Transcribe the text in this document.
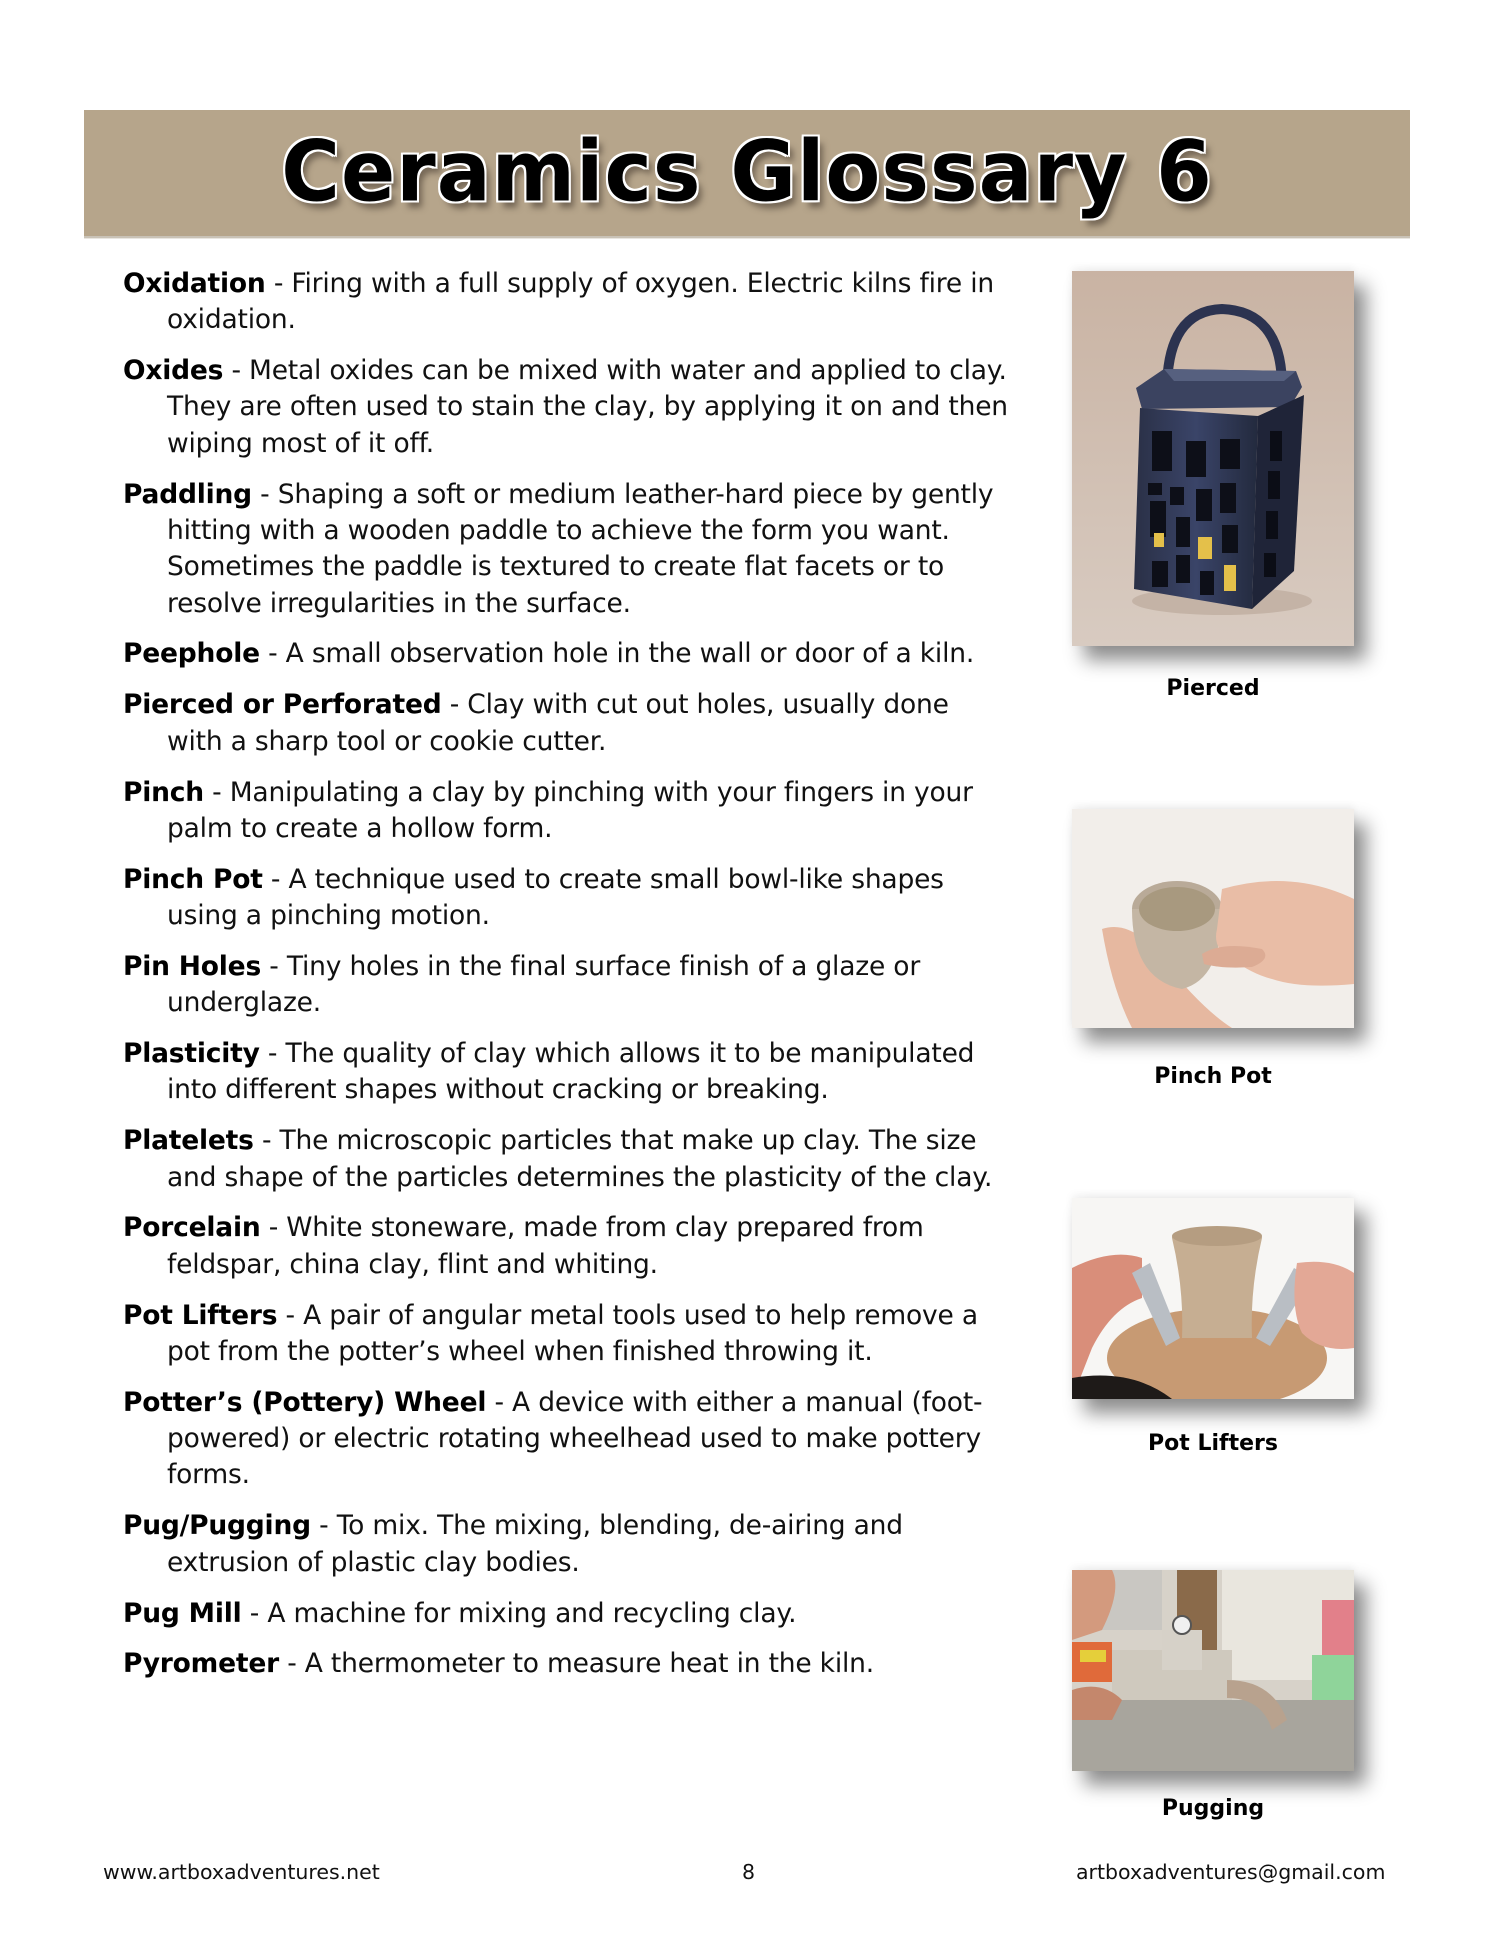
Ceramics Glossary 6

Oxidation - Firing with a full supply of oxygen. Electric kilns fire in oxidation.

Oxides - Metal oxides can be mixed with water and applied to clay. They are often used to stain the clay, by applying it on and then wiping most of it off.

Paddling - Shaping a soft or medium leather-hard piece by gently hitting with a wooden paddle to achieve the form you want. Sometimes the paddle is textured to create flat facets or to resolve irregularities in the surface.

Peephole - A small observation hole in the wall or door of a kiln.

Pierced or Perforated - Clay with cut out holes, usually done with a sharp tool or cookie cutter.

Pinch - Manipulating a clay by pinching with your fingers in your palm to create a hollow form.

Pinch Pot - A technique used to create small bowl-like shapes using a pinching motion.

Pin Holes - Tiny holes in the final surface finish of a glaze or underglaze.

Plasticity - The quality of clay which allows it to be manipulated into different shapes without cracking or breaking.

Platelets - The microscopic particles that make up clay. The size and shape of the particles determines the plasticity of the clay.

Porcelain - White stoneware, made from clay prepared from feldspar, china clay, flint and whiting.

Pot Lifters - A pair of angular metal tools used to help remove a pot from the potter’s wheel when finished throwing it.

Potter’s (Pottery) Wheel - A device with either a manual (foot-powered) or electric rotating wheelhead used to make pottery forms.

Pug/Pugging - To mix. The mixing, blending, de-airing and extrusion of plastic clay bodies.

Pug Mill - A machine for mixing and recycling clay.

Pyrometer - A thermometer to measure heat in the kiln.

Pierced
Pinch Pot
Pot Lifters
Pugging
www.artboxadventures.net	8	artboxadventures@gmail.com
